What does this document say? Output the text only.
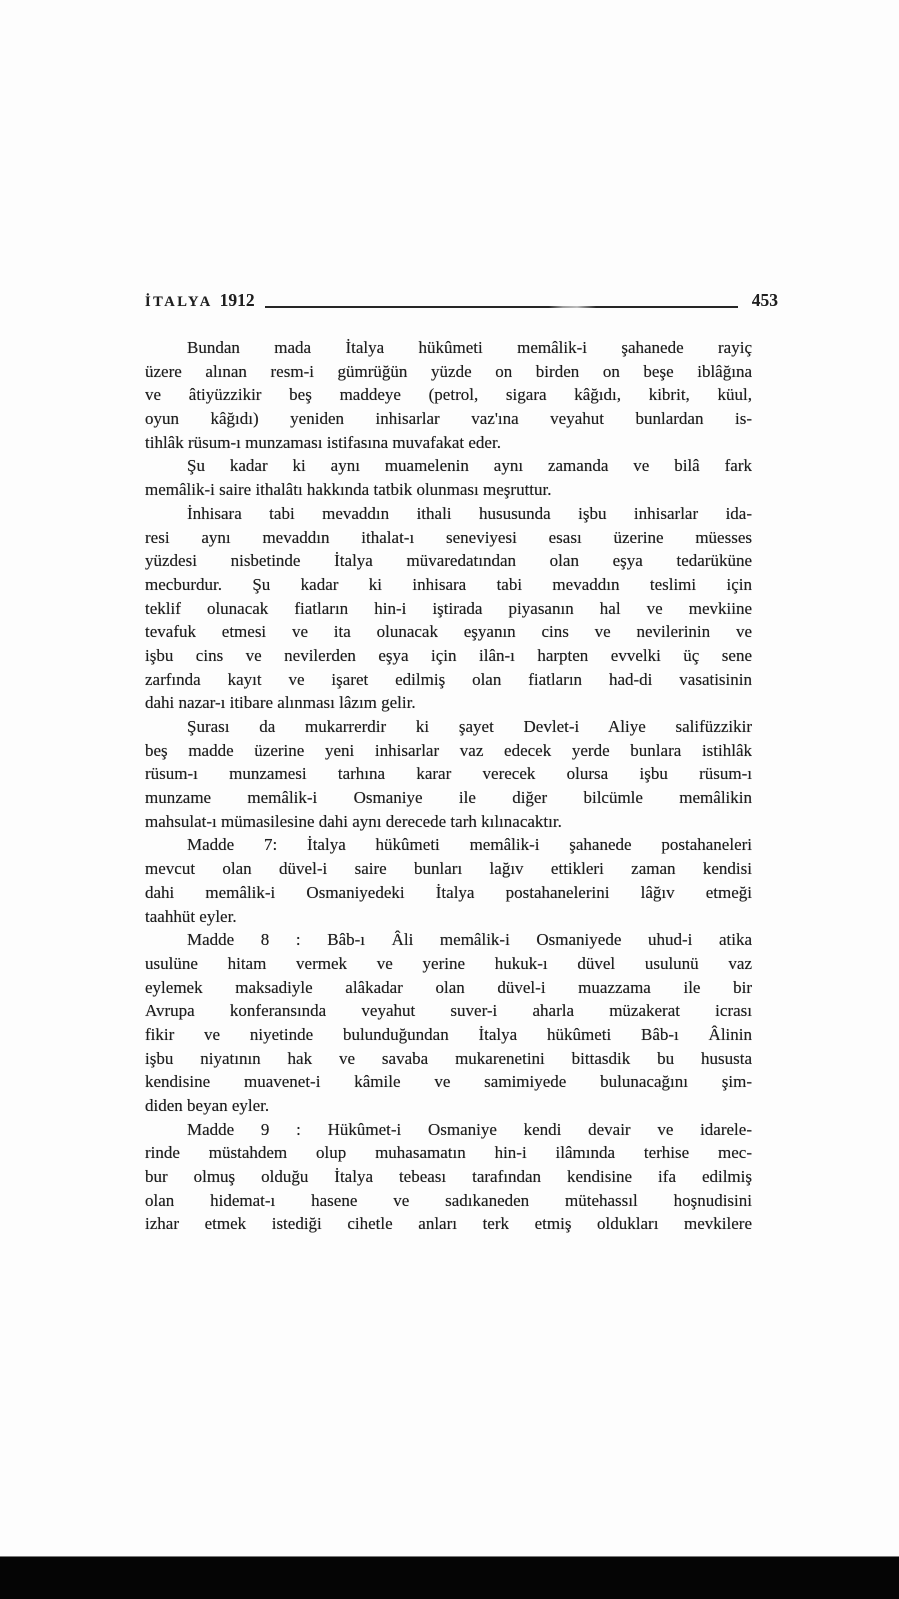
İTALYA 1912	453
Bundan mada İtalya hükûmeti memâlik-i şahanede rayiç
üzere alınan resm-i gümrüğün yüzde on birden on beşe iblâğına
ve âtiyüzzikir beş maddeye (petrol, sigara kâğıdı, kibrit, küul,
oyun kâğıdı) yeniden inhisarlar vaz'ına veyahut bunlardan is-
tihlâk rüsum-ı munzaması istifasına muvafakat eder.
Şu kadar ki aynı muamelenin aynı zamanda ve bilâ fark
memâlik-i saire ithalâtı hakkında tatbik olunması meşruttur.
İnhisara tabi mevaddın ithali hususunda işbu inhisarlar ida-
resi aynı mevaddın ithalat-ı seneviyesi esası üzerine müesses
yüzdesi nisbetinde İtalya müvaredatından olan eşya tedarüküne
mecburdur. Şu kadar ki inhisara tabi mevaddın teslimi için
teklif olunacak fiatların hin-i iştirada piyasanın hal ve mevkiine
tevafuk etmesi ve ita olunacak eşyanın cins ve nevilerinin ve
işbu cins ve nevilerden eşya için ilân-ı harpten evvelki üç sene
zarfında kayıt ve işaret edilmiş olan fiatların had-di vasatisinin
dahi nazar-ı itibare alınması lâzım gelir.
Şurası da mukarrerdir ki şayet Devlet-i Aliye salifüzzikir
beş madde üzerine yeni inhisarlar vaz edecek yerde bunlara istihlâk
rüsum-ı munzamesi tarhına karar verecek olursa işbu rüsum-ı
munzame memâlik-i Osmaniye ile diğer bilcümle memâlikin
mahsulat-ı mümasilesine dahi aynı derecede tarh kılınacaktır.
Madde 7: İtalya hükûmeti memâlik-i şahanede postahaneleri
mevcut olan düvel-i saire bunları lağıv ettikleri zaman kendisi
dahi memâlik-i Osmaniyedeki İtalya postahanelerini lâğıv etmeği
taahhüt eyler.
Madde 8 : Bâb-ı Âli memâlik-i Osmaniyede uhud-i atika
usulüne hitam vermek ve yerine hukuk-ı düvel usulunü vaz
eylemek maksadiyle alâkadar olan düvel-i muazzama ile bir
Avrupa konferansında veyahut suver-i aharla müzakerat icrası
fikir ve niyetinde bulunduğundan İtalya hükûmeti Bâb-ı Âlinin
işbu niyatının hak ve savaba mukarenetini bittasdik bu hususta
kendisine muavenet-i kâmile ve samimiyede bulunacağını şim-
diden beyan eyler.
Madde 9 : Hükûmet-i Osmaniye kendi devair ve idarele-
rinde müstahdem olup muhasamatın hin-i ilâmında terhise mec-
bur olmuş olduğu İtalya tebeası tarafından kendisine ifa edilmiş
olan hidemat-ı hasene ve sadıkaneden mütehassıl hoşnudisini
izhar etmek istediği cihetle anları terk etmiş oldukları mevkilere
